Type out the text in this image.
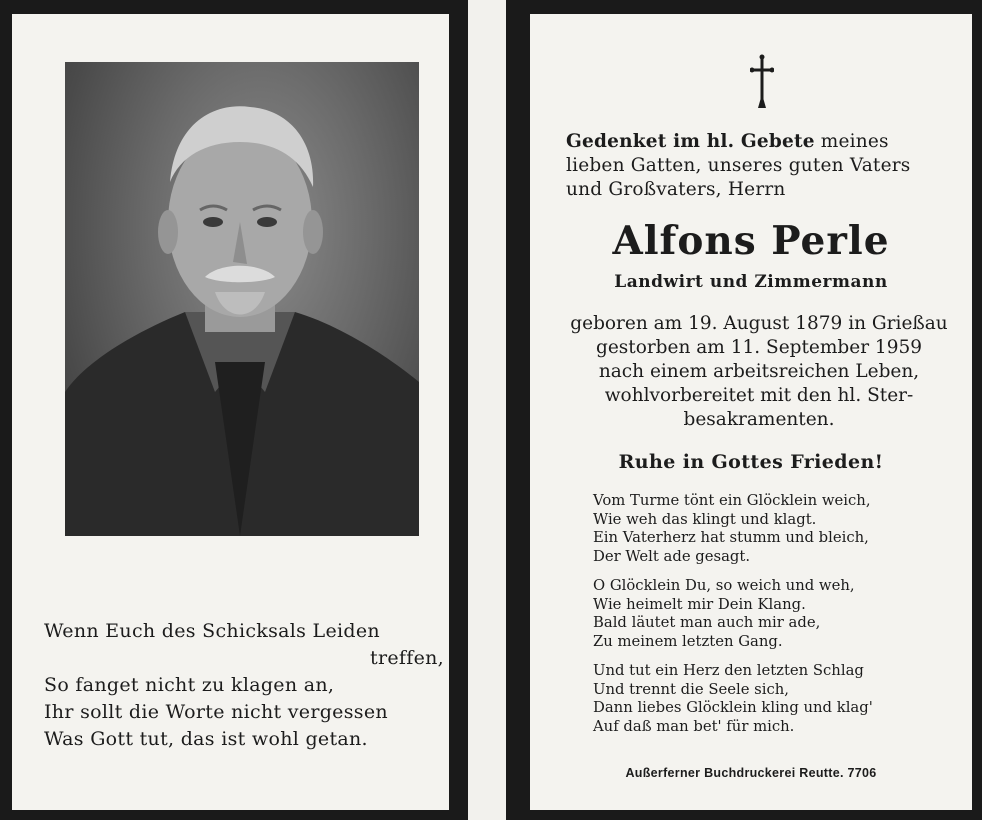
Wenn Euch des Schicksals Leiden
treffen,
So fanget nicht zu klagen an,
Ihr sollt die Worte nicht vergessen
Was Gott tut, das ist wohl getan.
Gedenket im hl. Gebete meines
lieben Gatten, unseres guten Vaters
und Großvaters, Herrn
Alfons Perle
Landwirt und Zimmermann
geboren am 19. August 1879 in Grießau
gestorben am 11. September 1959
nach einem arbeitsreichen Leben,
wohlvorbereitet mit den hl. Ster-
besakramenten.
Ruhe in Gottes Frieden!
Vom Turme tönt ein Glöcklein weich,
Wie weh das klingt und klagt.
Ein Vaterherz hat stumm und bleich,
Der Welt ade gesagt.
O Glöcklein Du, so weich und weh,
Wie heimelt mir Dein Klang.
Bald läutet man auch mir ade,
Zu meinem letzten Gang.
Und tut ein Herz den letzten Schlag
Und trennt die Seele sich,
Dann liebes Glöcklein kling und klag'
Auf daß man bet' für mich.
Außerferner Buchdruckerei Reutte. 7706
